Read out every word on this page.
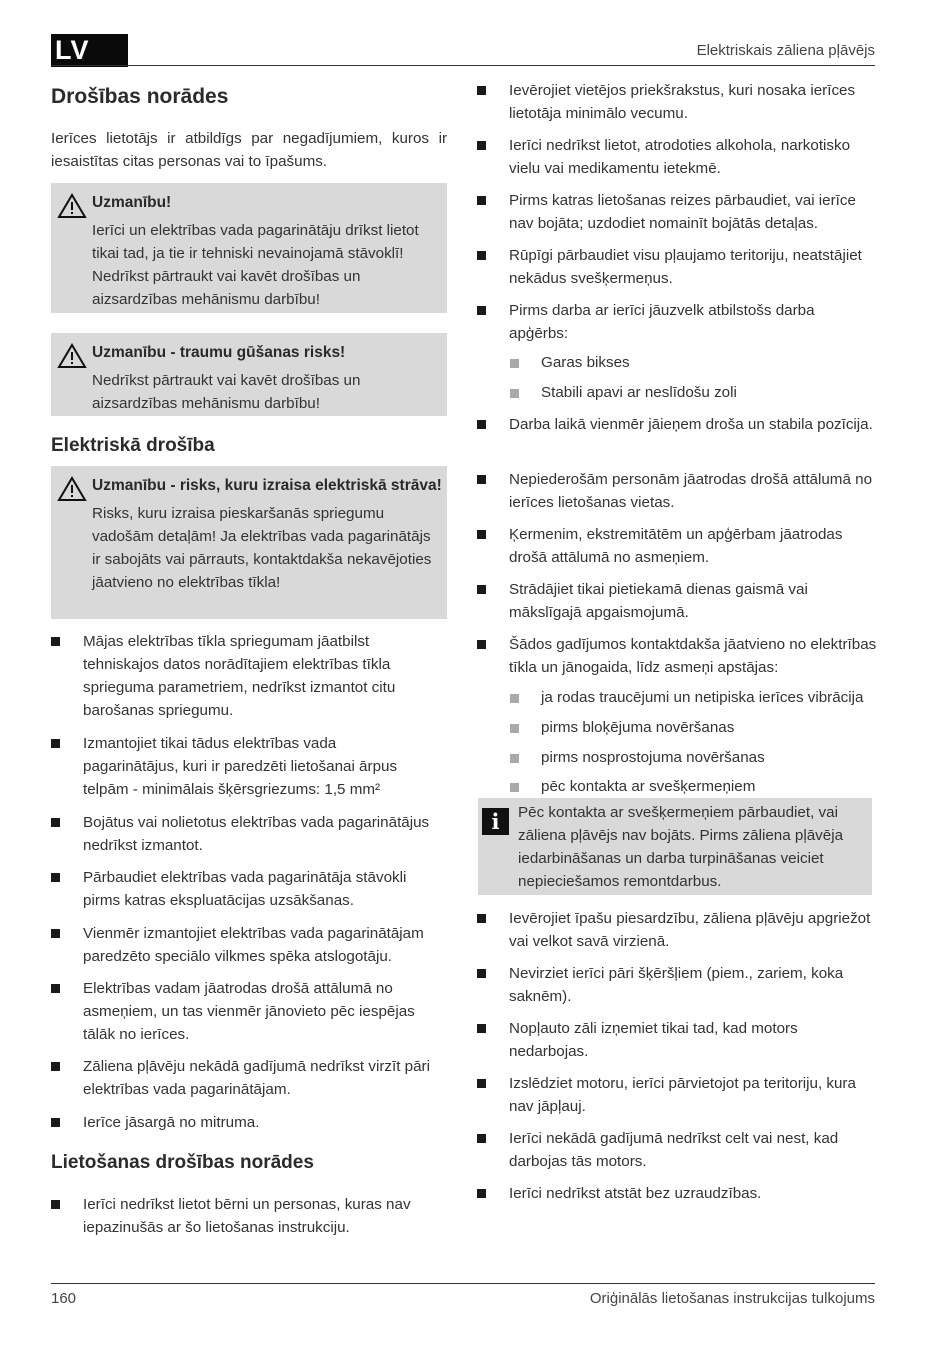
LV	Elektriskais zāliena pļāvējs
Drošības norādes
Ierīces lietotājs ir atbildīgs par negadījumiem, kuros ir iesaistītas citas personas vai to īpašums.
Uzmanību!
Ierīci un elektrības vada pagarinātāju drīkst lietot tikai tad, ja tie ir tehniski nevainojamā stāvoklī! Nedrīkst pārtraukt vai kavēt drošības un aizsardzības mehānismu darbību!
Uzmanību - traumu gūšanas risks!
Nedrīkst pārtraukt vai kavēt drošības un aizsardzības mehānismu darbību!
Elektriskā drošība
Uzmanību - risks, kuru izraisa elektriskā strāva!
Risks, kuru izraisa pieskaršanās spriegumu vadošām detaļām! Ja elektrības vada pagarinātājs ir sabojāts vai pārrauts, kontaktdakša nekavējoties jāatvieno no elektrības tīkla!
Mājas elektrības tīkla spriegumam jāatbilst tehniskajos datos norādītajiem elektrības tīkla sprieguma parametriem, nedrīkst izmantot citu barošanas spriegumu.
Izmantojiet tikai tādus elektrības vada pagarinātājus, kuri ir paredzēti lietošanai ārpus telpām - minimālais šķērsgriezums: 1,5 mm²
Bojātus vai nolietotus elektrības vada pagarinātājus nedrīkst izmantot.
Pārbaudiet elektrības vada pagarinātāja stāvokli pirms katras ekspluatācijas uzsākšanas.
Vienmēr izmantojiet elektrības vada pagarinātājam paredzēto speciālo vilkmes spēka atslogotāju.
Elektrības vadam jāatrodas drošā attālumā no asmeņiem, un tas vienmēr jānovieto pēc iespējas tālāk no ierīces.
Zāliena pļāvēju nekādā gadījumā nedrīkst virzīt pāri elektrības vada pagarinātājam.
Ierīce jāsargā no mitruma.
Lietošanas drošības norādes
Ierīci nedrīkst lietot bērni un personas, kuras nav iepazinušās ar šo lietošanas instrukciju.
Ievērojiet vietējos priekšrakstus, kuri nosaka ierīces lietotāja minimālo vecumu.
Ierīci nedrīkst lietot, atrodoties alkohola, narkotisko vielu vai medikamentu ietekmē.
Pirms katras lietošanas reizes pārbaudiet, vai ierīce nav bojāta; uzdodiet nomainīt bojātās detaļas.
Rūpīgi pārbaudiet visu pļaujamo teritoriju, neatstājiet nekādus svešķermeņus.
Pirms darba ar ierīci jāuzvelk atbilstošs darba apģērbs:
Garas bikses
Stabili apavi ar neslīdošu zoli
Darba laikā vienmēr jāieņem droša un stabila pozīcija.
Nepiederošām personām jāatrodas drošā attālumā no ierīces lietošanas vietas.
Ķermenim, ekstremitātēm un apģērbam jāatrodas drošā attālumā no asmeņiem.
Strādājiet tikai pietiekamā dienas gaismā vai mākslīgajā apgaismojumā.
Šādos gadījumos kontaktdakša jāatvieno no elektrības tīkla un jānogaida, līdz asmeņi apstājas:
ja rodas traucējumi un netipiska ierīces vibrācija
pirms bloķējuma novēršanas
pirms nosprostojuma novēršanas
pēc kontakta ar svešķermeņiem
i	Pēc kontakta ar svešķermeņiem pārbaudiet, vai zāliena pļāvējs nav bojāts. Pirms zāliena pļāvēja iedarbināšanas un darba turpināšanas veiciet nepieciešamos remontdarbus.
Ievērojiet īpašu piesardzību, zāliena pļāvēju apgriežot vai velkot savā virzienā.
Nevirziet ierīci pāri šķēršļiem (piem., zariem, koka saknēm).
Nopļauto zāli izņemiet tikai tad, kad motors nedarbojas.
Izslēdziet motoru, ierīci pārvietojot pa teritoriju, kura nav jāpļauj.
Ierīci nekādā gadījumā nedrīkst celt vai nest, kad darbojas tās motors.
Ierīci nedrīkst atstāt bez uzraudzības.
160	Oriģinālās lietošanas instrukcijas tulkojums
